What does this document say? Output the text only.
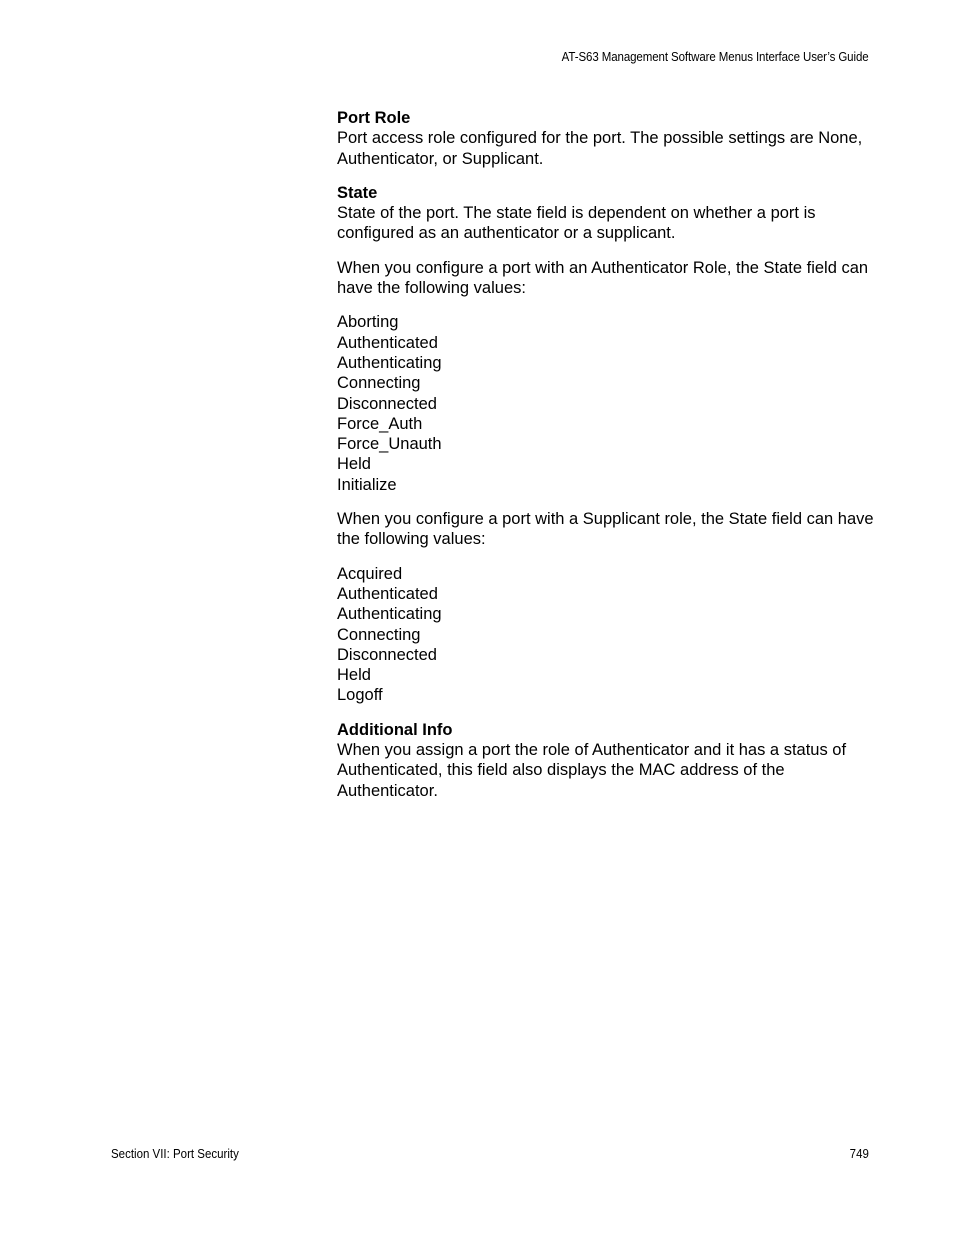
AT-S63 Management Software Menus Interface User’s Guide

Port Role

Port access role configured for the port. The possible settings are None, Authenticator, or Supplicant.

State

State of the port. The state field is dependent on whether a port is configured as an authenticator or a supplicant.

When you configure a port with an Authenticator Role, the State field can have the following values:

Aborting
Authenticated
Authenticating
Connecting
Disconnected
Force_Auth
Force_Unauth
Held
Initialize

When you configure a port with a Supplicant role, the State field can have the following values:

Acquired
Authenticated
Authenticating
Connecting
Disconnected
Held
Logoff

Additional Info

When you assign a port the role of Authenticator and it has a status of Authenticated, this field also displays the MAC address of the Authenticator.

Section VII: Port Security	749
